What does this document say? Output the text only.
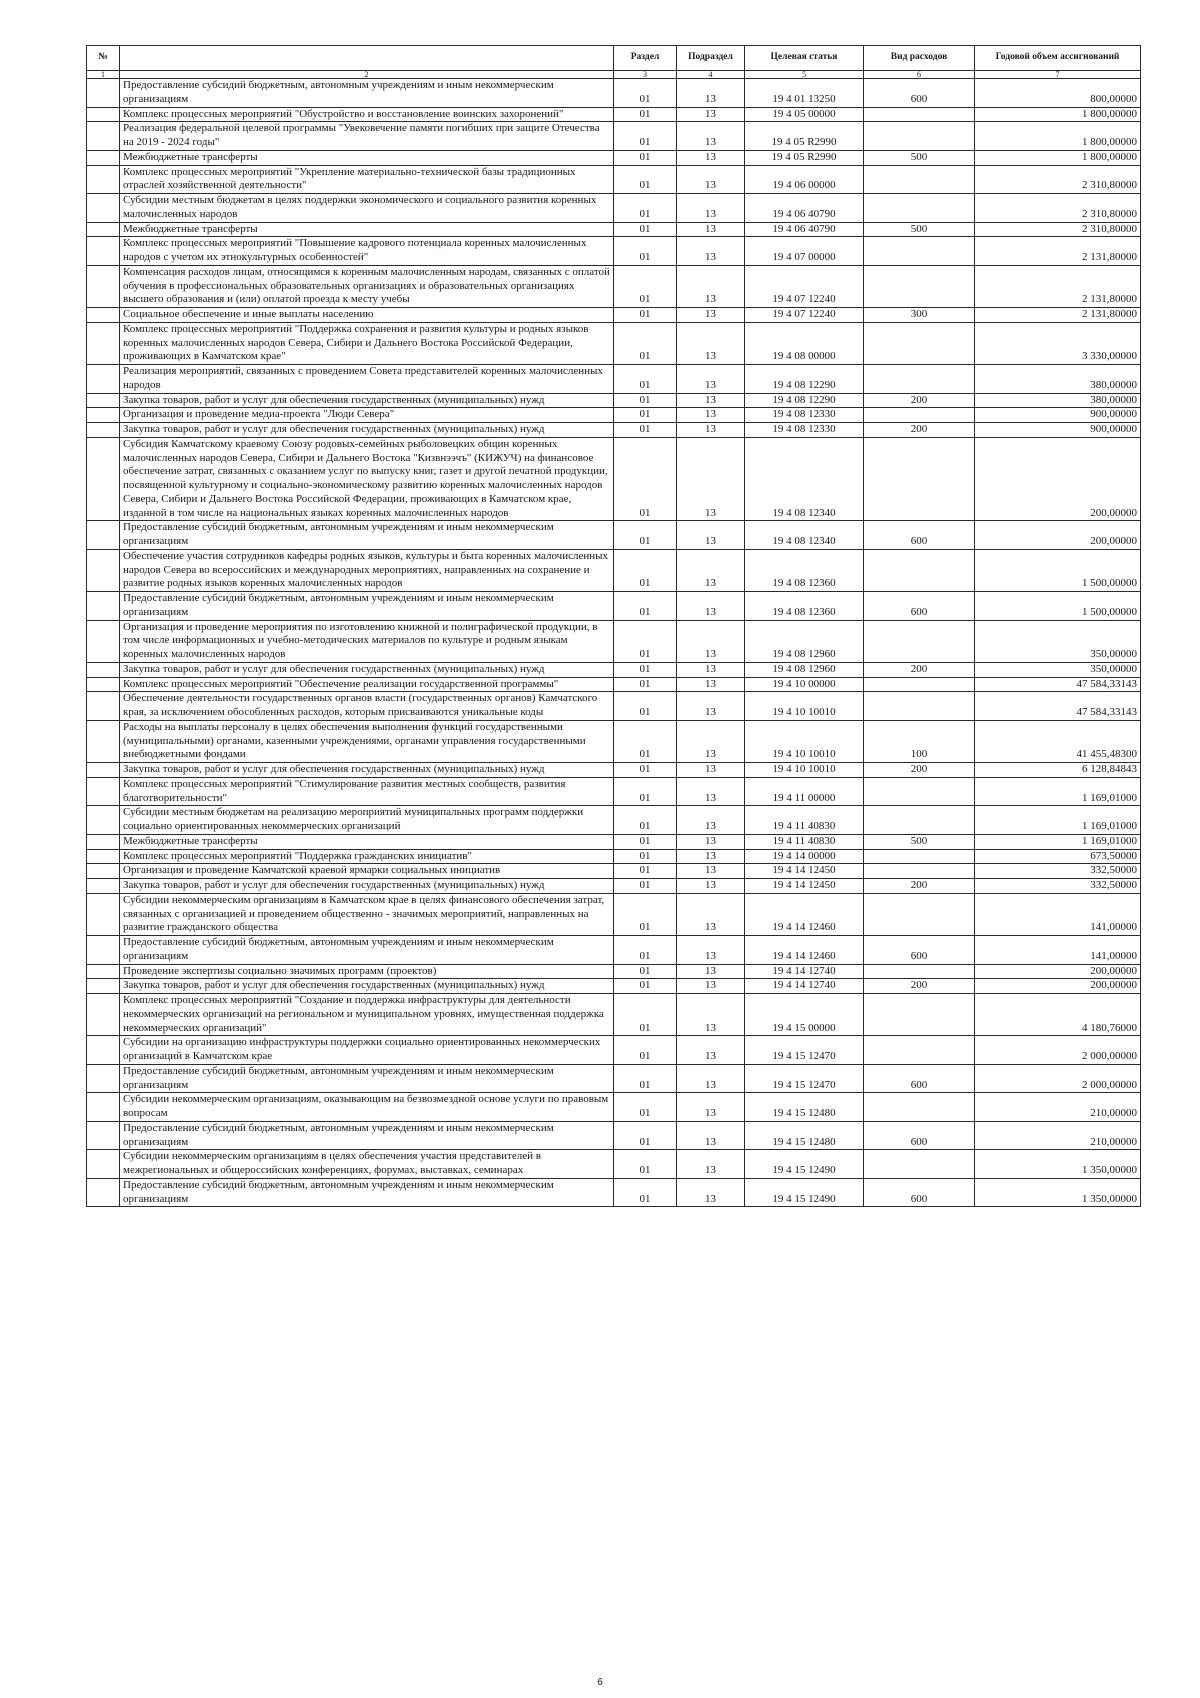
№		Раздел	Подраздел	Целевая статья	Вид расходов	Годовой объем ассигнований
1	2	3	4	5	6	7
	Предоставление субсидий бюджетным, автономным учреждениям и иным некоммерческим организациям	01	13	19 4 01 13250	600	800,00000
	Комплекс процессных мероприятий "Обустройство и восстановление воинских захоронений"	01	13	19 4 05 00000		1 800,00000
	Реализация федеральной целевой программы "Увековечение памяти погибших при защите Отечества на 2019 - 2024 годы"	01	13	19 4 05 R2990		1 800,00000
	Межбюджетные трансферты	01	13	19 4 05 R2990	500	1 800,00000
	Комплекс процессных мероприятий "Укрепление материально-технической базы традиционных отраслей хозяйственной деятельности"	01	13	19 4 06 00000		2 310,80000
	Субсидии местным бюджетам в целях поддержки экономического и социального развития коренных малочисленных народов	01	13	19 4 06 40790		2 310,80000
	Межбюджетные трансферты	01	13	19 4 06 40790	500	2 310,80000
	Комплекс процессных мероприятий "Повышение кадрового потенциала коренных малочисленных народов с учетом их этнокультурных особенностей"	01	13	19 4 07 00000		2 131,80000
	Компенсация расходов лицам, относящимся к коренным малочисленным народам, связанных с оплатой обучения в профессиональных образовательных организациях и образовательных организациях высшего образования и (или) оплатой проезда к месту учебы	01	13	19 4 07 12240		2 131,80000
	Социальное обеспечение и иные выплаты населению	01	13	19 4 07 12240	300	2 131,80000
	Комплекс процессных мероприятий "Поддержка сохранения и развития культуры и родных языков коренных малочисленных народов Севера, Сибири и Дальнего Востока Российской Федерации, проживающих в Камчатском крае"	01	13	19 4 08 00000		3 330,00000
	Реализация мероприятий, связанных с проведением Совета представителей коренных малочисленных народов	01	13	19 4 08 12290		380,00000
	Закупка товаров, работ и услуг для обеспечения государственных (муниципальных) нужд	01	13	19 4 08 12290	200	380,00000
	Организация и проведение медиа-проекта "Люди Севера"	01	13	19 4 08 12330		900,00000
	Закупка товаров, работ и услуг для обеспечения государственных (муниципальных) нужд	01	13	19 4 08 12330	200	900,00000
	Субсидия Камчатскому краевому Союзу родовых-семейных рыболовецких общин коренных малочисленных народов Севера, Сибири и Дальнего Востока "Кизвнээчъ" (КИЖУЧ) на финансовое обеспечение затрат, связанных с оказанием услуг по выпуску книг, газет и другой печатной продукции, посвященной культурному и социально-экономическому развитию коренных малочисленных народов Севера, Сибири и Дальнего Востока Российской Федерации, проживающих в Камчатском крае, изданной в том числе на национальных языках коренных малочисленных народов	01	13	19 4 08 12340		200,00000
	Предоставление субсидий бюджетным, автономным учреждениям и иным некоммерческим организациям	01	13	19 4 08 12340	600	200,00000
	Обеспечение участия сотрудников кафедры родных языков, культуры и быта коренных малочисленных народов Севера во всероссийских и международных мероприятиях, направленных на сохранение и развитие родных языков коренных малочисленных народов	01	13	19 4 08 12360		1 500,00000
	Предоставление субсидий бюджетным, автономным учреждениям и иным некоммерческим организациям	01	13	19 4 08 12360	600	1 500,00000
	Организация и проведение мероприятия по изготовлению книжной и полиграфической продукции, в том числе информационных и учебно-методических материалов по культуре и родным языкам коренных малочисленных народов	01	13	19 4 08 12960		350,00000
	Закупка товаров, работ и услуг для обеспечения государственных (муниципальных) нужд	01	13	19 4 08 12960	200	350,00000
	Комплекс процессных мероприятий "Обеспечение реализации государственной программы"	01	13	19 4 10 00000		47 584,33143
	Обеспечение деятельности государственных органов власти (государственных органов) Камчатского края, за исключением обособленных расходов, которым присваиваются уникальные коды	01	13	19 4 10 10010		47 584,33143
	Расходы на выплаты персоналу в целях обеспечения выполнения функций государственными (муниципальными) органами, казенными учреждениями, органами управления государственными внебюджетными фондами	01	13	19 4 10 10010	100	41 455,48300
	Закупка товаров, работ и услуг для обеспечения государственных (муниципальных) нужд	01	13	19 4 10 10010	200	6 128,84843
	Комплекс процессных мероприятий "Стимулирование развития местных сообществ, развития благотворительности"	01	13	19 4 11 00000		1 169,01000
	Субсидии местным бюджетам на реализацию мероприятий муниципальных программ поддержки социально ориентированных некоммерческих организаций	01	13	19 4 11 40830		1 169,01000
	Межбюджетные трансферты	01	13	19 4 11 40830	500	1 169,01000
	Комплекс процессных мероприятий "Поддержка гражданских инициатив"	01	13	19 4 14 00000		673,50000
	Организация и проведение Камчатской краевой ярмарки социальных инициатив	01	13	19 4 14 12450		332,50000
	Закупка товаров, работ и услуг для обеспечения государственных (муниципальных) нужд	01	13	19 4 14 12450	200	332,50000
	Субсидии некоммерческим организациям в Камчатском крае в целях финансового обеспечения затрат, связанных с организацией и проведением общественно - значимых мероприятий, направленных на развитие гражданского общества	01	13	19 4 14 12460		141,00000
	Предоставление субсидий бюджетным, автономным учреждениям и иным некоммерческим организациям	01	13	19 4 14 12460	600	141,00000
	Проведение экспертизы социально значимых программ (проектов)	01	13	19 4 14 12740		200,00000
	Закупка товаров, работ и услуг для обеспечения государственных (муниципальных) нужд	01	13	19 4 14 12740	200	200,00000
	Комплекс процессных мероприятий "Создание и поддержка инфраструктуры для деятельности некоммерческих организаций на региональном и муниципальном уровнях, имущественная поддержка некоммерческих организаций"	01	13	19 4 15 00000		4 180,76000
	Субсидии на организацию инфраструктуры поддержки социально ориентированных некоммерческих организаций в Камчатском крае	01	13	19 4 15 12470		2 000,00000
	Предоставление субсидий бюджетным, автономным учреждениям и иным некоммерческим организациям	01	13	19 4 15 12470	600	2 000,00000
	Субсидии некоммерческим организациям, оказывающим на безвозмездной основе услуги по правовым вопросам	01	13	19 4 15 12480		210,00000
	Предоставление субсидий бюджетным, автономным учреждениям и иным некоммерческим организациям	01	13	19 4 15 12480	600	210,00000
	Субсидии некоммерческим организациям в целях обеспечения участия представителей в межрегиональных и общероссийских конференциях, форумах, выставках, семинарах	01	13	19 4 15 12490		1 350,00000
	Предоставление субсидий бюджетным, автономным учреждениям и иным некоммерческим организациям	01	13	19 4 15 12490	600	1 350,00000
6
